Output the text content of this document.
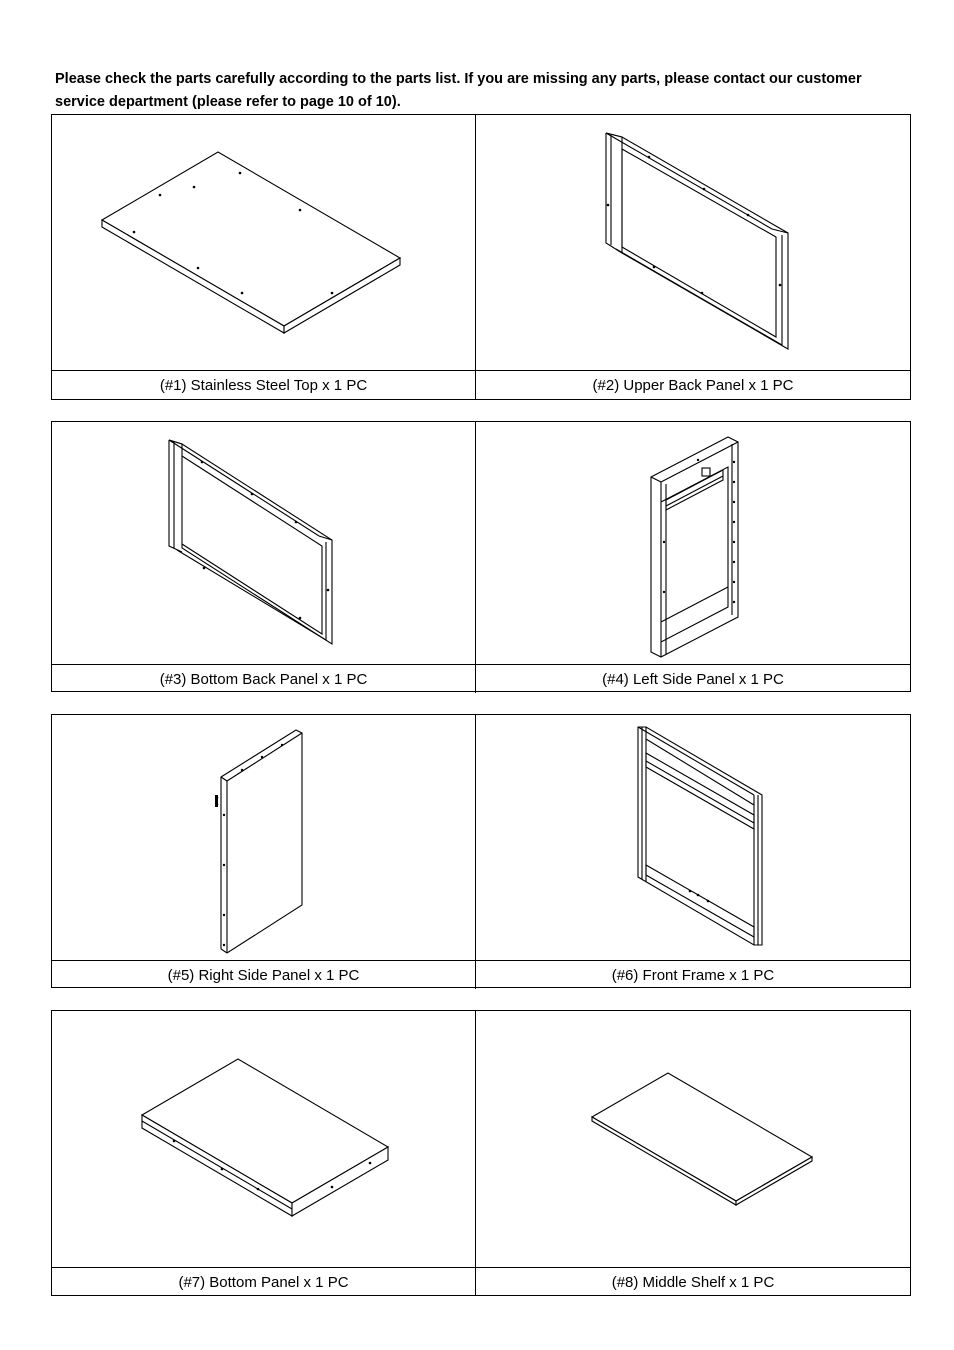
Please check the parts carefully according to the parts list. If you are missing any parts, please contact our customer
service department (please refer to page 10 of 10).
(#1) Stainless Steel Top x 1 PC	(#2) Upper Back Panel x 1 PC
(#3) Bottom Back Panel x 1 PC	(#4) Left Side Panel x 1 PC
(#5) Right Side Panel x 1 PC	(#6) Front Frame x 1 PC
(#7) Bottom Panel x 1 PC	(#8) Middle Shelf x 1 PC
